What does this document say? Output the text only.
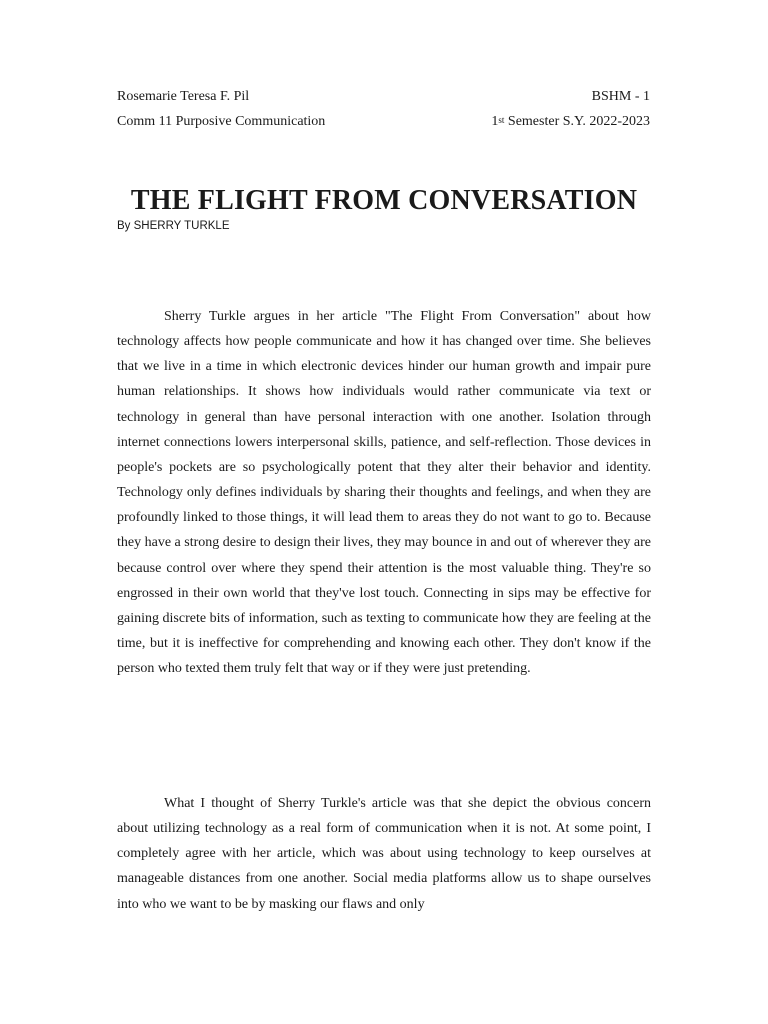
Rosemarie Teresa F. Pil	BSHM - 1
Comm 11 Purposive Communication	1st Semester S.Y. 2022-2023
THE FLIGHT FROM CONVERSATION
By SHERRY TURKLE

Sherry Turkle argues in her article "The Flight From Conversation" about how technology affects how people communicate and how it has changed over time. She believes that we live in a time in which electronic devices hinder our human growth and impair pure human relationships. It shows how individuals would rather communicate via text or technology in general than have personal interaction with one another. Isolation through internet connections lowers interpersonal skills, patience, and self-reflection. Those devices in people's pockets are so psychologically potent that they alter their behavior and identity. Technology only defines individuals by sharing their thoughts and feelings, and when they are profoundly linked to those things, it will lead them to areas they do not want to go to. Because they have a strong desire to design their lives, they may bounce in and out of wherever they are because control over where they spend their attention is the most valuable thing. They're so engrossed in their own world that they've lost touch. Connecting in sips may be effective for gaining discrete bits of information, such as texting to communicate how they are feeling at the time, but it is ineffective for comprehending and knowing each other. They don't know if the person who texted them truly felt that way or if they were just pretending.

What I thought of Sherry Turkle's article was that she depict the obvious concern about utilizing technology as a real form of communication when it is not. At some point, I completely agree with her article, which was about using technology to keep ourselves at manageable distances from one another. Social media platforms allow us to shape ourselves into who we want to be by masking our flaws and only
